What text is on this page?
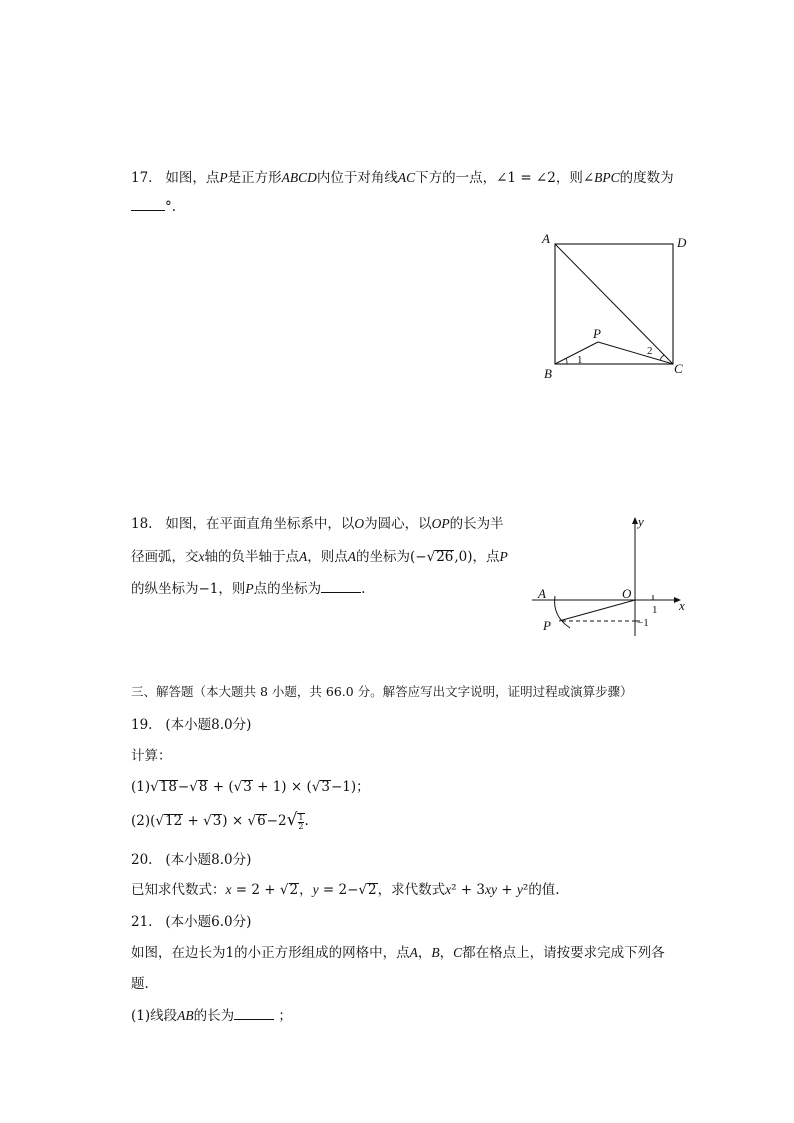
17. 如图，点P是正方形ABCD内位于对角线AC下方的一点，∠1 = ∠2，则∠BPC的度数为
°.
A	D
B	C
P
1
2
18. 如图，在平面直角坐标系中，以O为圆心，以OP的长为半
径画弧，交x轴的负半轴于点A，则点A的坐标为(−√26,0)，点P
的纵坐标为−1，则P点的坐标为	.
y
x
O
A
P
1
−1
三、解答题（本大题共 8 小题，共 66.0 分。解答应写出文字说明，证明过程或演算步骤）
19. (本小题8.0分)
计算：
(1)√18−√8 + (√3 + 1) × (√3−1)；
$(2)(√12 + √3) \times √6-2√ \frac{1}{2}$ .
20. (本小题8.0分)
已知求代数式：x = 2 + √2，y = 2−√2，求代数式x² + 3xy + y²的值.
21. (本小题6.0分)
如图，在边长为1的小正方形组成的网格中，点A，B，C都在格点上，请按要求完成下列各
题.
(1)线段AB的长为	；
